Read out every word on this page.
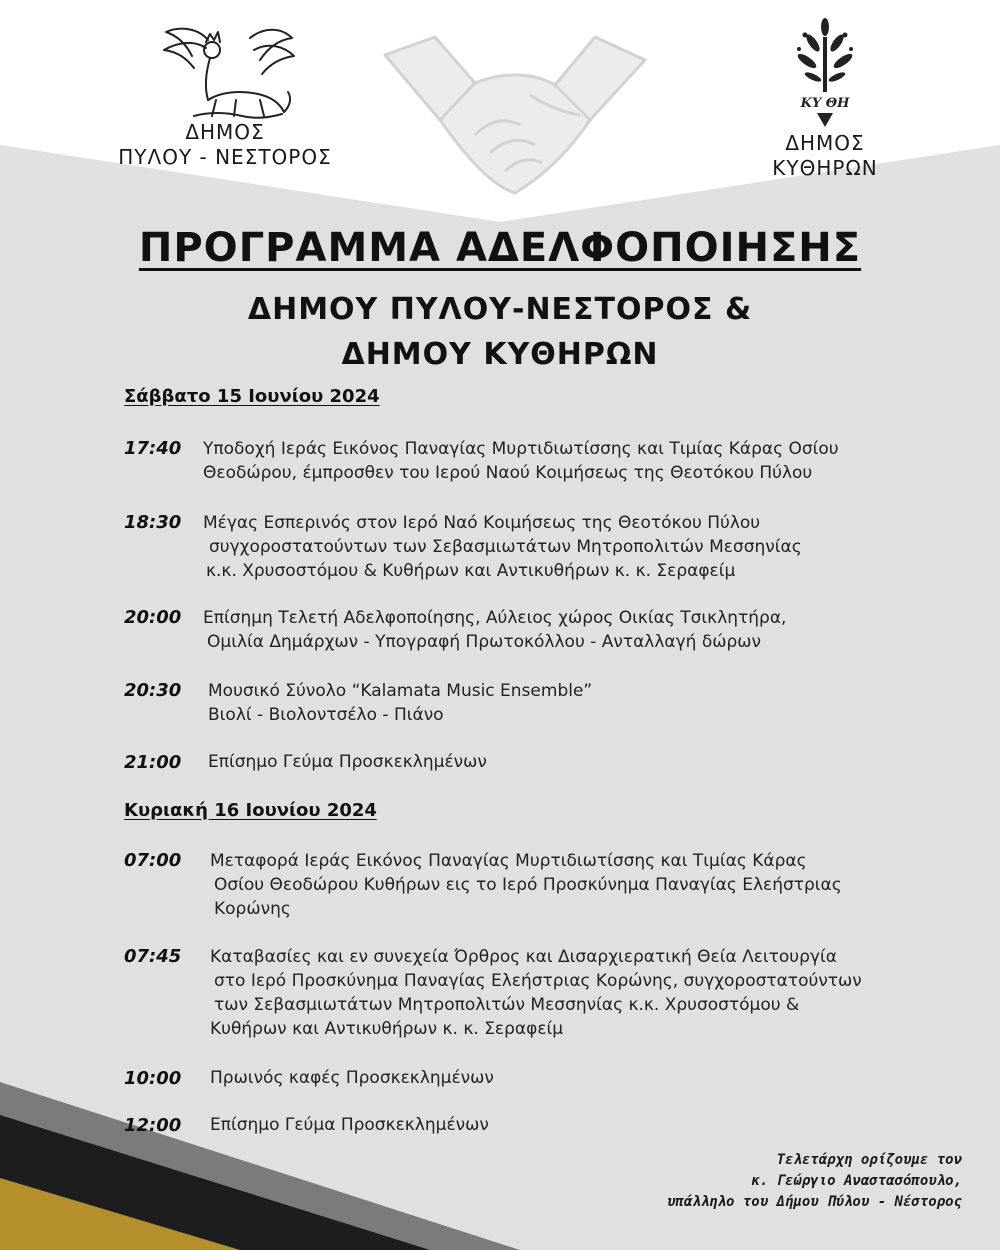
ΚΥ ΘΗ
ΔΗΜΟΣ
ΠΥΛΟΥ - ΝΕΣΤΟΡΟΣ
ΔΗΜΟΣ
ΚΥΘΗΡΩΝ
ΠΡΟΓΡΑΜΜΑ ΑΔΕΛΦΟΠΟΙΗΣΗΣ
ΔΗΜΟΥ ΠΥΛΟΥ-ΝΕΣΤΟΡΟΣ &
ΔΗΜΟΥ ΚΥΘΗΡΩΝ
Σάββατο 15 Ιουνίου 2024
17:40 Υποδοχή Ιεράς Εικόνος Παναγίας Μυρτιδιωτίσσης και Τιμίας Κάρας Οσίου
Θεοδώρου, έμπροσθεν του Ιερού Ναού Κοιμήσεως της Θεοτόκου Πύλου
18:30 Μέγας Εσπερινός στον Ιερό Ναό Κοιμήσεως της Θεοτόκου Πύλου
συγχοροστατούντων των Σεβασμιωτάτων Μητροπολιτών Μεσσηνίας
κ.κ. Χρυσοστόμου & Κυθήρων και Αντικυθήρων κ. κ. Σεραφείμ
20:00 Επίσημη Τελετή Αδελφοποίησης, Αύλειος χώρος Οικίας Τσικλητήρα,
Ομιλία Δημάρχων - Υπογραφή Πρωτοκόλλου - Ανταλλαγή δώρων
20:30 Μουσικό Σύνολο “Kalamata Music Ensemble”
Βιολί - Βιολοντσέλο - Πιάνο
21:00 Επίσημο Γεύμα Προσκεκλημένων
Κυριακή 16 Ιουνίου 2024
07:00 Μεταφορά Ιεράς Εικόνος Παναγίας Μυρτιδιωτίσσης και Τιμίας Κάρας
Οσίου Θεοδώρου Κυθήρων εις το Ιερό Προσκύνημα Παναγίας Ελεήστριας
Κορώνης
07:45 Καταβασίες και εν συνεχεία Όρθρος και Δισαρχιερατική Θεία Λειτουργία
στο Ιερό Προσκύνημα Παναγίας Ελεήστριας Κορώνης, συγχοροστατούντων
των Σεβασμιωτάτων Μητροπολιτών Μεσσηνίας κ.κ. Χρυσοστόμου &
Κυθήρων και Αντικυθήρων κ. κ. Σεραφείμ
10:00 Πρωινός καφές Προσκεκλημένων
12:00 Επίσημο Γεύμα Προσκεκλημένων
Τελετάρχη ορίζουμε τον
κ. Γεώργιο Αναστασόπουλο,
υπάλληλο του Δήμου Πύλου - Νέστορος
